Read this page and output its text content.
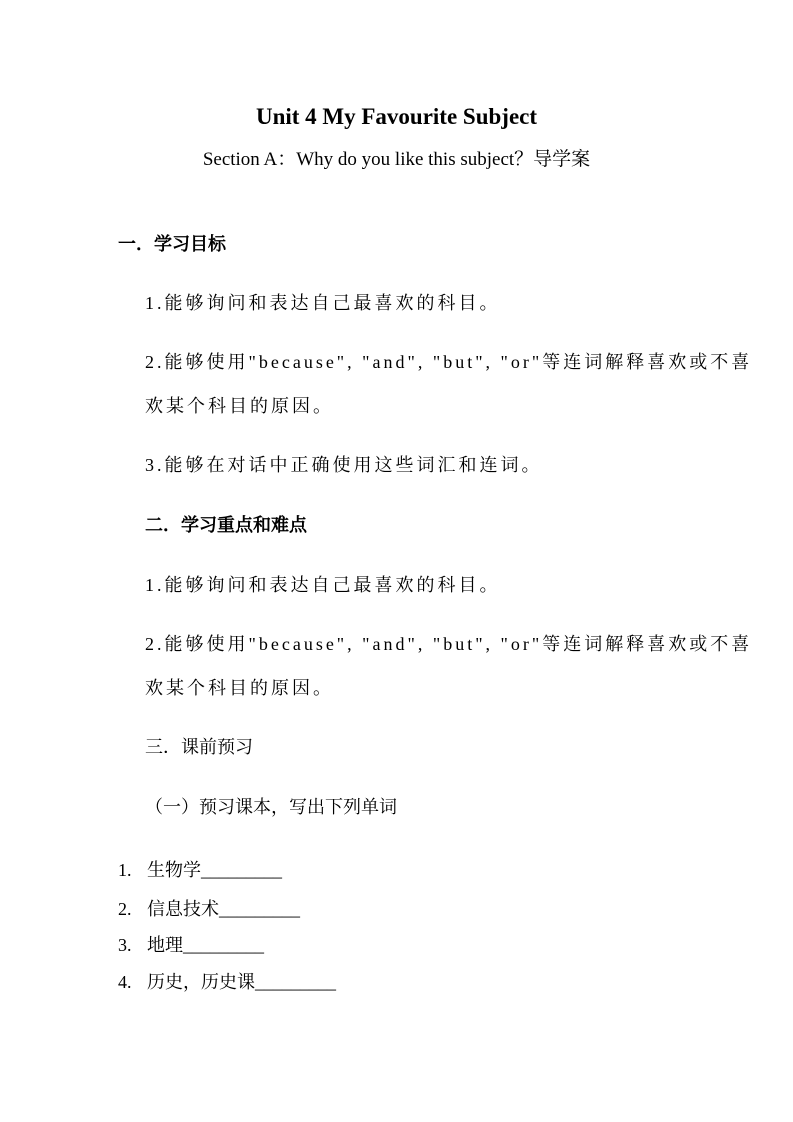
Unit 4 My Favourite Subject
Section A：Why do you like this subject？导学案
一．学习目标
1.能够询问和表达自己最喜欢的科目。
2.能够使用"because", "and", "but", "or"等连词解释喜欢或不喜
欢某个科目的原因。
3.能够在对话中正确使用这些词汇和连词。
二．学习重点和难点
1.能够询问和表达自己最喜欢的科目。
2.能够使用"because", "and", "but", "or"等连词解释喜欢或不喜
欢某个科目的原因。
三．课前预习
（一）预习课本，写出下列单词
1. 生物学_________
2. 信息技术_________
3. 地理_________
4. 历史，历史课_________
